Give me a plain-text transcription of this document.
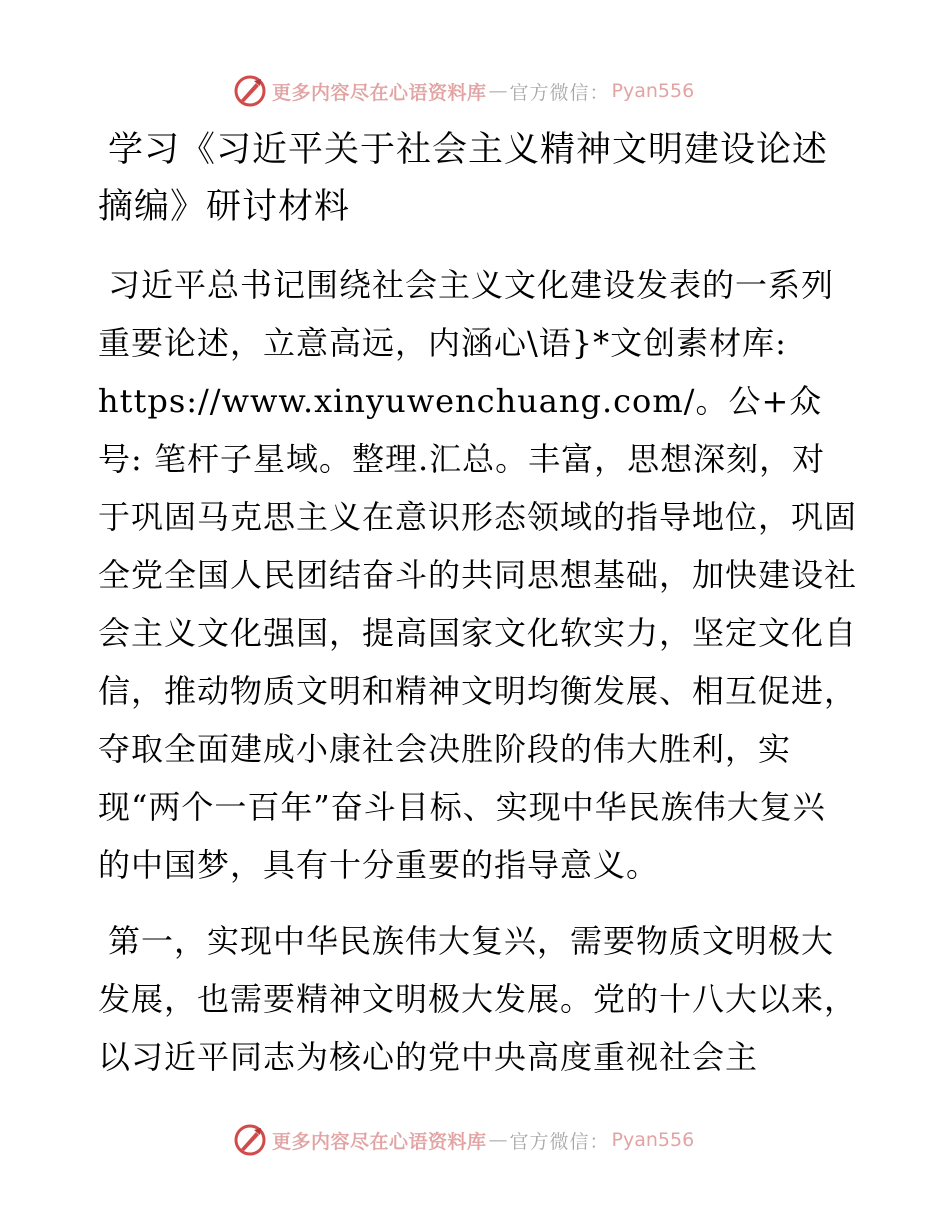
更多内容尽在心语资料库 — 官方微信： Pyan556
学习《习近平关于社会主义精神文明建设论述摘编》研讨材料

习近平总书记围绕社会主义文化建设发表的一系列重要论述，立意高远，内涵心\语}*文创素材库: https://www.xinyuwenchuang.com/。公+众号: 笔杆子星域。整理.汇总。丰富，思想深刻，对于巩固马克思主义在意识形态领域的指导地位，巩固全党全国人民团结奋斗的共同思想基础，加快建设社会主义文化强国，提高国家文化软实力，坚定文化自信，推动物质文明和精神文明均衡发展、相互促进，夺取全面建成小康社会决胜阶段的伟大胜利，实现“两个一百年”奋斗目标、实现中华民族伟大复兴的中国梦，具有十分重要的指导意义。

第一，实现中华民族伟大复兴，需要物质文明极大发展，也需要精神文明极大发展。党的十八大以来，以习近平同志为核心的党中央高度重视社会主

更多内容尽在心语资料库 — 官方微信： Pyan556
